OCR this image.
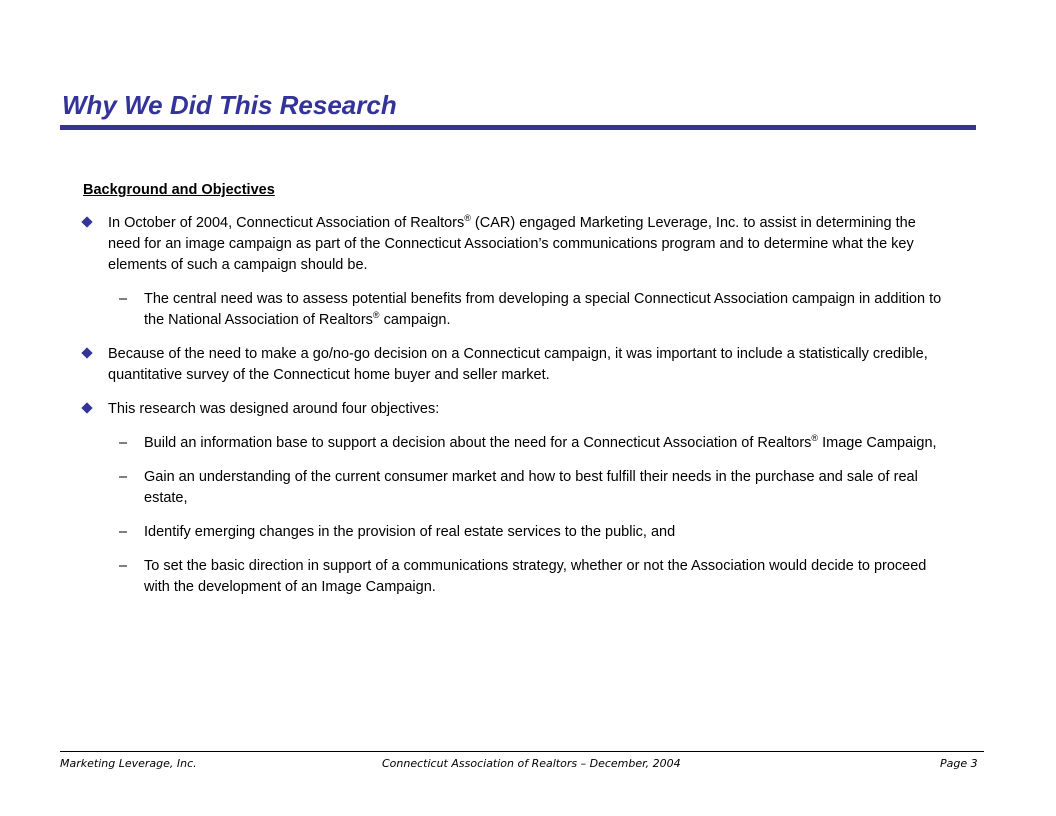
Why We Did This Research

Background and Objectives

In October of 2004, Connecticut Association of Realtors® (CAR) engaged Marketing Leverage, Inc. to assist in determining the need for an image campaign as part of the Connecticut Association’s communications program and to determine what the key elements of such a campaign should be.
– The central need was to assess potential benefits from developing a special Connecticut Association campaign in addition to the National Association of Realtors® campaign.
Because of the need to make a go/no-go decision on a Connecticut campaign, it was important to include a statistically credible, quantitative survey of the Connecticut home buyer and seller market.
This research was designed around four objectives:
– Build an information base to support a decision about the need for a Connecticut Association of Realtors® Image Campaign,
– Gain an understanding of the current consumer market and how to best fulfill their needs in the purchase and sale of real estate,
– Identify emerging changes in the provision of real estate services to the public, and
– To set the basic direction in support of a communications strategy, whether or not the Association would decide to proceed with the development of an Image Campaign.
Marketing Leverage, Inc.	Connecticut Association of Realtors – December, 2004	Page 3
